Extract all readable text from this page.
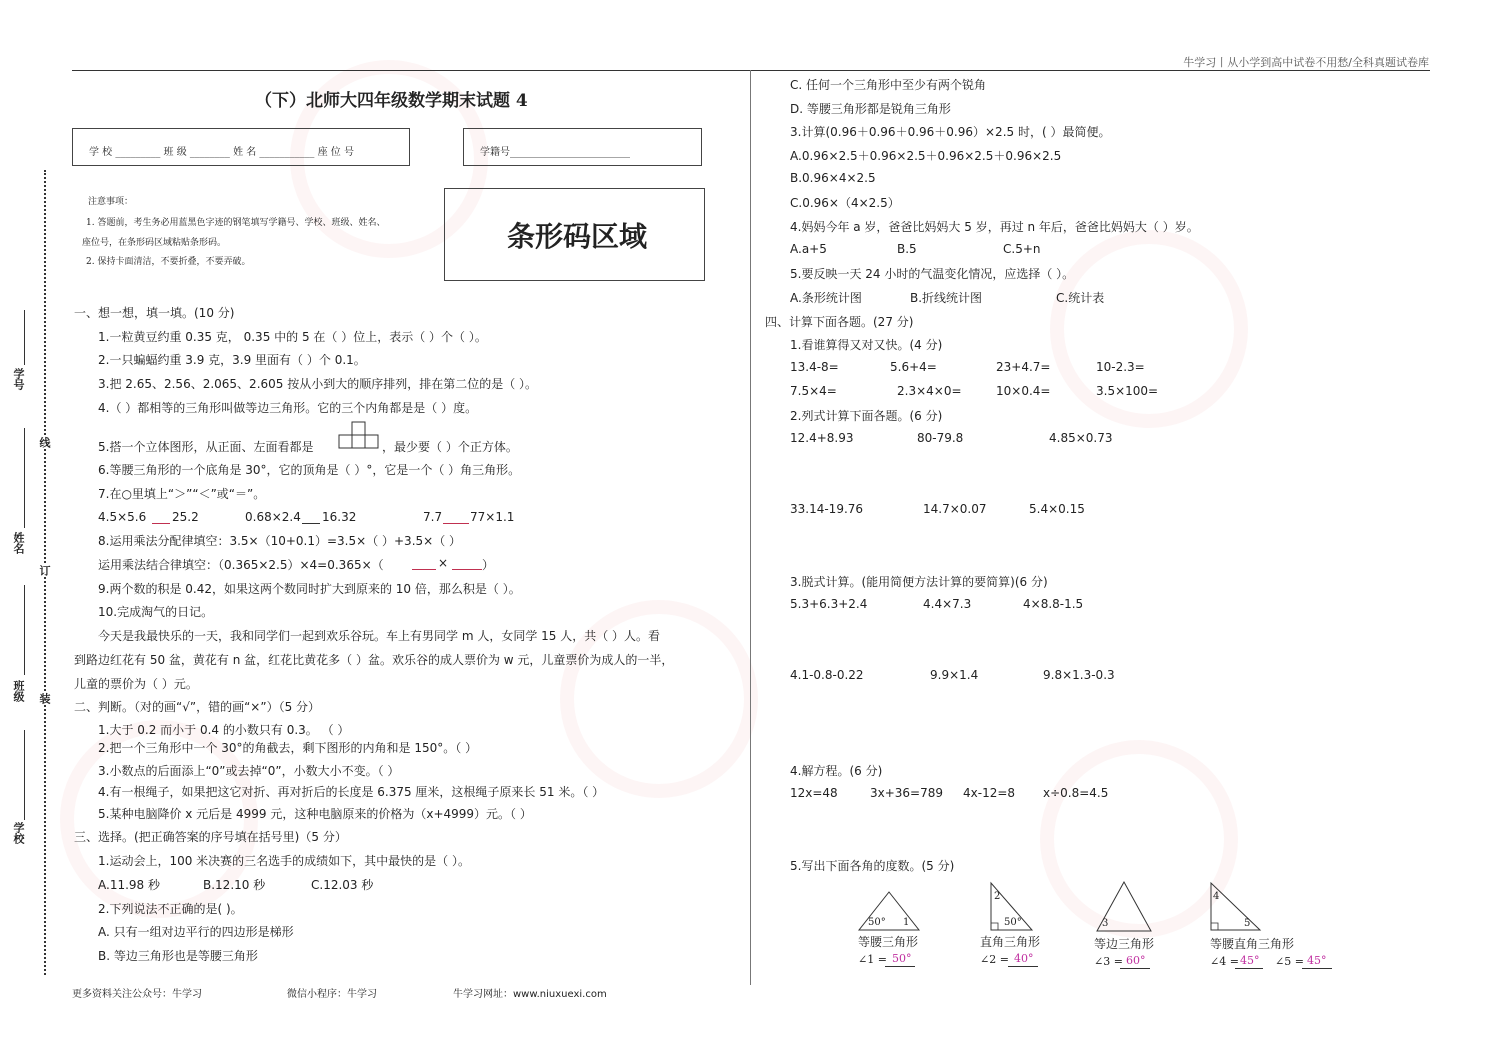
牛学习丨从小学到高中试卷不用愁/全科真题试卷库
学号
姓名
班级
学校
线
订
装
（下）北师大四年级数学期末试题 4
学 校 _________ 班 级 ________ 姓 名 ___________ 座 位 号	学籍号________________________
注意事项：
1. 答题前，考生务必用蓝黑色字迹的钢笔填写学籍号、学校、班级、姓名、
座位号，在条形码区域粘贴条形码。
2. 保持卡面清洁，不要折叠，不要弄破。
条形码区域
一、想一想，填一填。(10 分)
1.一粒黄豆约重 0.35 克， 0.35 中的 5 在（ ）位上，表示（ ）个（ ）。
2.一只蝙蝠约重 3.9 克，3.9 里面有（ ）个 0.1。
3.把 2.65、2.56、2.065、2.605 按从小到大的顺序排列，排在第二位的是（ ）。
4.（ ）都相等的三角形叫做等边三角形。它的三个内角都是是（ ）度。
5.搭一个立体图形，从正面、左面看都是	，最少要（ ）个正方体。
6.等腰三角形的一个底角是 30°，它的顶角是（ ）°，它是一个（ ）角三角形。
7.在○里填上“＞”“＜”或“＝”。
4.5×5.6 25.2	0.68×2.4 16.32	7.7 77×1.1
8.运用乘法分配律填空：3.5×（10+0.1）=3.5×（ ）+3.5×（ ）
运用乘法结合律填空：（0.365×2.5）×4=0.365×（	×	）
9.两个数的积是 0.42，如果这两个数同时扩大到原来的 10 倍，那么积是（ ）。
10.完成淘气的日记。
今天是我最快乐的一天，我和同学们一起到欢乐谷玩。车上有男同学 m 人，女同学 15 人，共（ ）人。看
到路边红花有 50 盆，黄花有 n 盆，红花比黄花多（ ）盆。欢乐谷的成人票价为 w 元，儿童票价为成人的一半，
儿童的票价为（ ）元。
二、判断。（对的画“√”，错的画“×”）（5 分）
1.大于 0.2 而小于 0.4 的小数只有 0.3。 （ ）
2.把一个三角形中一个 30°的角截去，剩下图形的内角和是 150°。（ ）
3.小数点的后面添上“0”或去掉“0”，小数大小不变。（ ）
4.有一根绳子，如果把这它对折、再对折后的长度是 6.375 厘米，这根绳子原来长 51 米。（ ）
5.某种电脑降价 x 元后是 4999 元，这种电脑原来的价格为（x+4999）元。（ ）
三、选择。(把正确答案的序号填在括号里)（5 分）
1.运动会上，100 米决赛的三名选手的成绩如下，其中最快的是（ ）。
A.11.98 秒	B.12.10 秒	C.12.03 秒
2.下列说法不正确的是( )。
A. 只有一组对边平行的四边形是梯形
B. 等边三角形也是等腰三角形
C. 任何一个三角形中至少有两个锐角
D. 等腰三角形都是锐角三角形
3.计算(0.96＋0.96＋0.96＋0.96）×2.5 时，( ）最简便。
A.0.96×2.5＋0.96×2.5＋0.96×2.5＋0.96×2.5
B.0.96×4×2.5
C.0.96×（4×2.5）
4.妈妈今年 a 岁，爸爸比妈妈大 5 岁，再过 n 年后，爸爸比妈妈大（ ）岁。
A.a+5	B.5	C.5+n
5.要反映一天 24 小时的气温变化情况，应选择（ ）。
A.条形统计图	B.折线统计图	C.统计表
四、计算下面各题。(27 分)
1.看谁算得又对又快。(4 分)
13.4-8=	5.6+4=	23+4.7=	10-2.3=
7.5×4=	2.3×4×0=	10×0.4=	3.5×100=
2.列式计算下面各题。(6 分)
12.4+8.93	80-79.8	4.85×0.73
33.14-19.76	14.7×0.07	5.4×0.15
3.脱式计算。(能用简便方法计算的要简算)(6 分)
5.3+6.3+2.4	4.4×7.3	4×8.8-1.5
4.1-0.8-0.22	9.9×1.4	9.8×1.3-0.3
4.解方程。(6 分)
12x=48	3x+36=789 4x-12=8 x÷0.8=4.5
5.写出下面各角的度数。(5 分)
50° 1
等腰三角形
∠1 = 50°
2
50°
直角三角形
∠2 = 40°
3
等边三角形
∠3 = 60°
4
5
等腰直角三角形
∠4 = 45° ∠5 = 45°
更多资料关注公众号：牛学习	微信小程序：牛学习	牛学习网址：www.niuxuexi.com
